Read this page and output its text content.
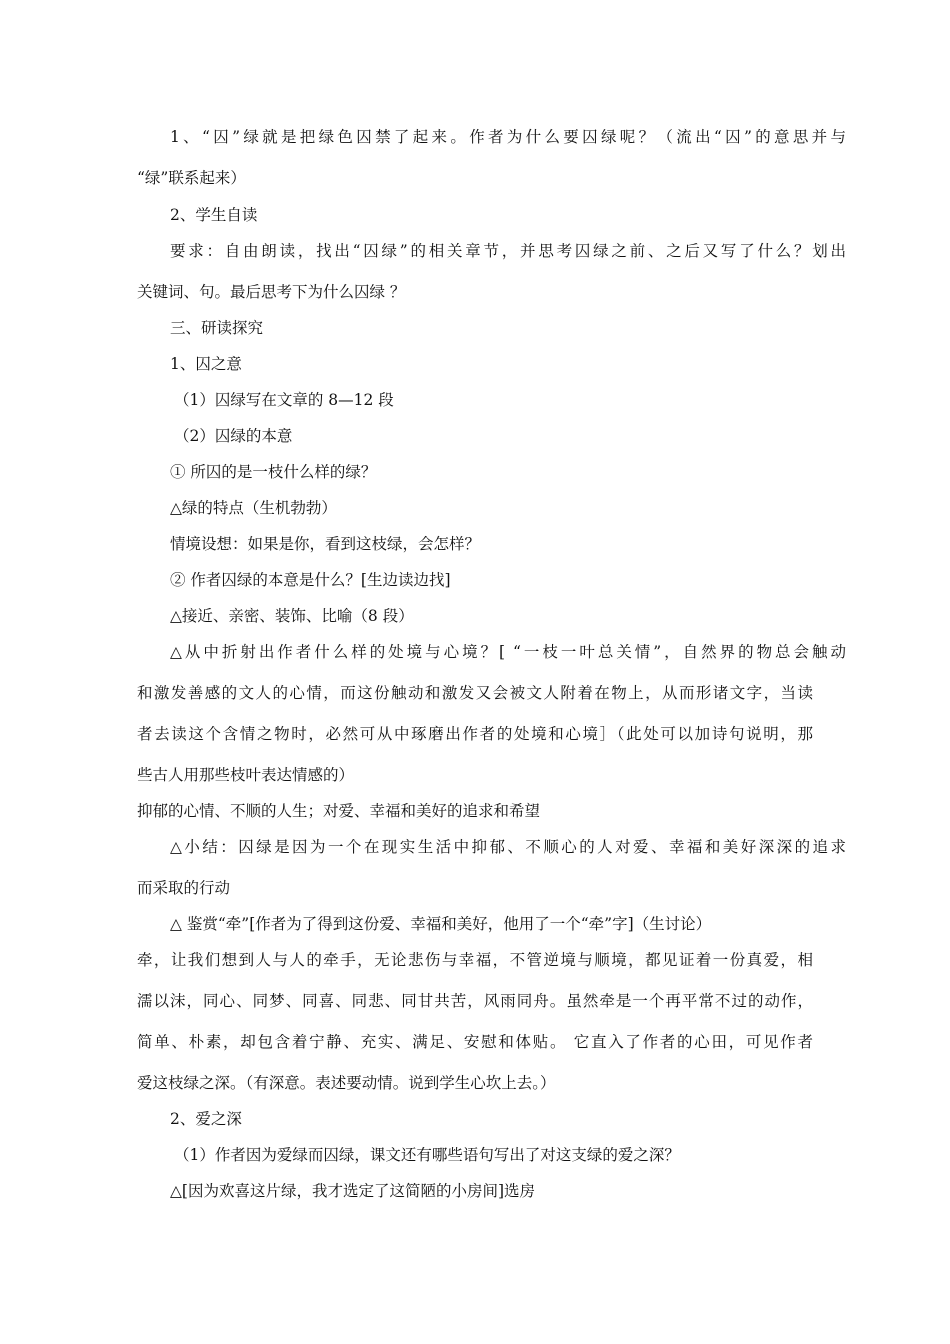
1、“囚”绿就是把绿色囚禁了起来。作者为什么要囚绿呢？（流出“囚”的意思并与
“绿”联系起来）
2、学生自读
要求：自由朗读，找出“囚绿”的相关章节，并思考囚绿之前、之后又写了什么？划出
关键词、句。最后思考下为什么囚绿 ？
三、研读探究
1、囚之意
（1）囚绿写在文章的 8—12 段
（2）囚绿的本意
① 所囚的是一枝什么样的绿？
△绿的特点（生机勃勃）
情境设想：如果是你，看到这枝绿，会怎样？
② 作者囚绿的本意是什么？[生边读边找]
△接近、亲密、装饰、比喻（8 段）
△从中折射出作者什么样的处境与心境？[ “一枝一叶总关情”，自然界的物总会触动
和激发善感的文人的心情，而这份触动和激发又会被文人附着在物上，从而形诸文字，当读
者去读这个含情之物时，必然可从中琢磨出作者的处境和心境］（此处可以加诗句说明，那
些古人用那些枝叶表达情感的）
抑郁的心情、不顺的人生；对爱、幸福和美好的追求和希望
△小结：囚绿是因为一个在现实生活中抑郁、不顺心的人对爱、幸福和美好深深的追求
而采取的行动
△ 鉴赏“牵”[作者为了得到这份爱、幸福和美好，他用了一个“牵”字]（生讨论）
牵，让我们想到人与人的牵手，无论悲伤与幸福，不管逆境与顺境，都见证着一份真爱，相
濡以沫，同心、同梦、同喜、同悲、同甘共苦，风雨同舟。虽然牵是一个再平常不过的动作，
简单、朴素，却包含着宁静、充实、满足、安慰和体贴。 它直入了作者的心田，可见作者
爱这枝绿之深。（有深意。表述要动情。说到学生心坎上去。）
2、爱之深
（1）作者因为爱绿而囚绿，课文还有哪些语句写出了对这支绿的爱之深？
△[因为欢喜这片绿，我才选定了这简陋的小房间]选房
